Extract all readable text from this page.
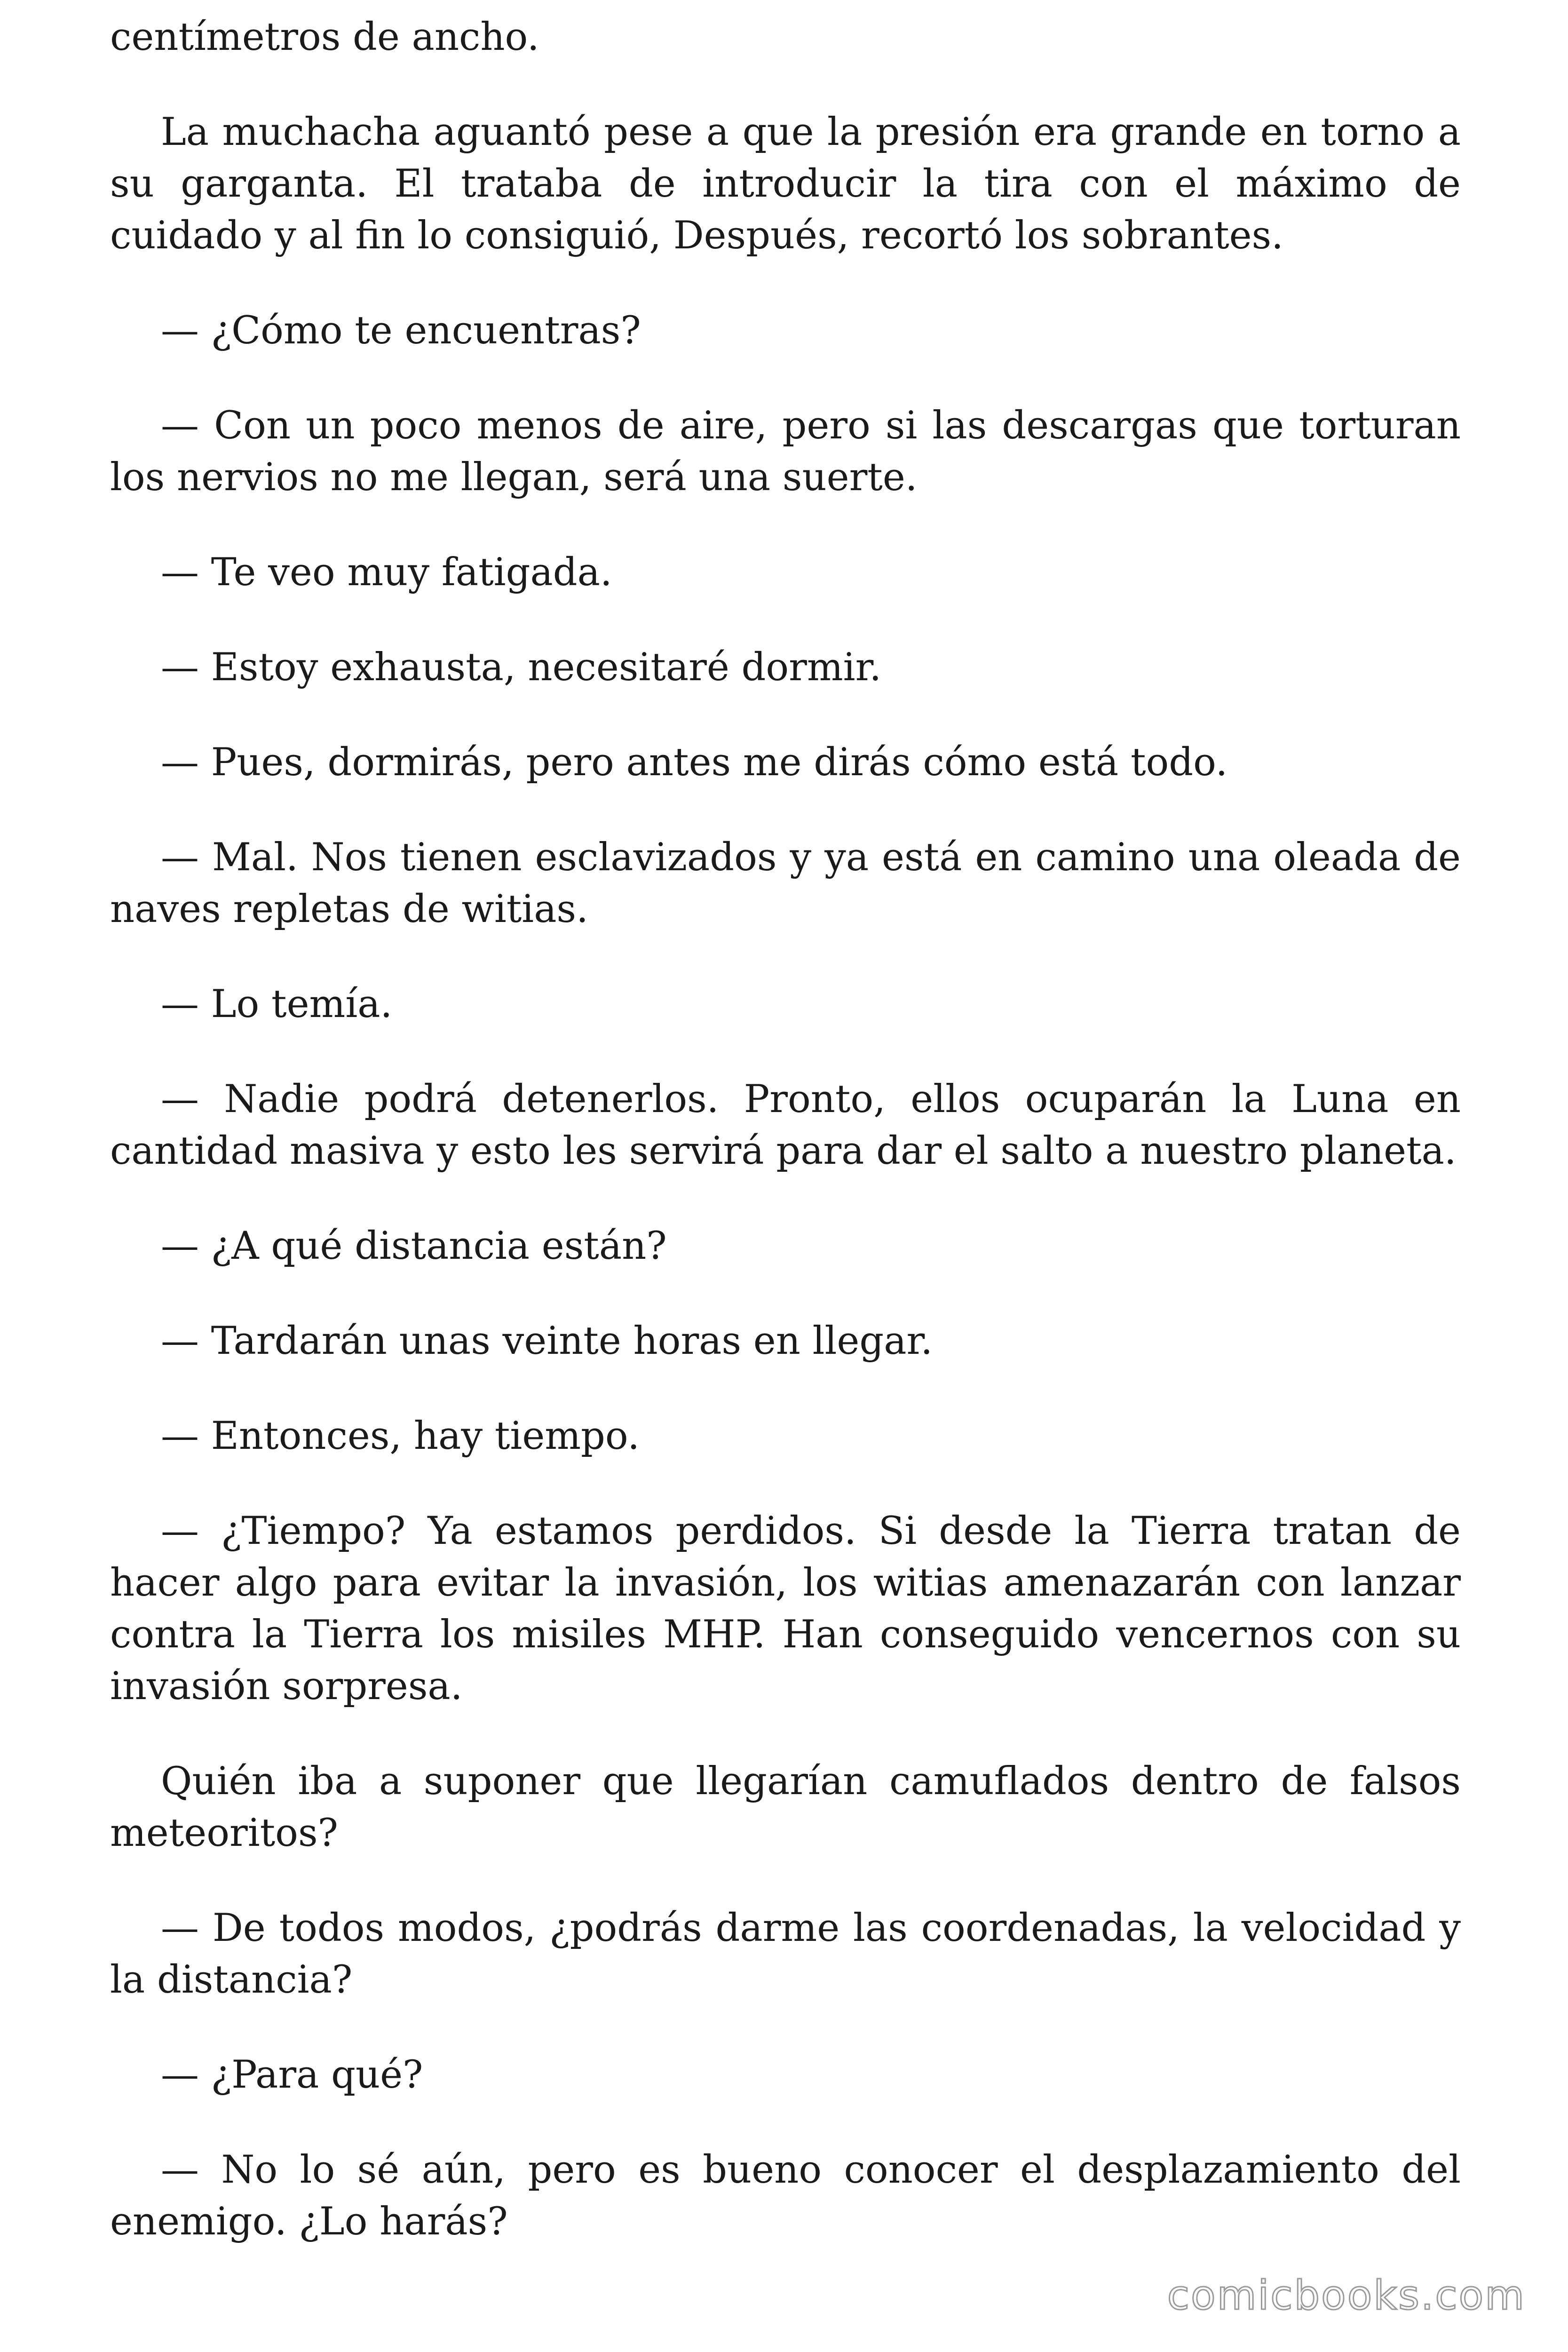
centímetros de ancho.

La muchacha aguantó pese a que la presión era grande en torno a su garganta. El trataba de introducir la tira con el máximo de cuidado y al fin lo consiguió, Después, recortó los sobrantes.

— ¿Cómo te encuentras?

— Con un poco menos de aire, pero si las descargas que torturan los nervios no me llegan, será una suerte.

— Te veo muy fatigada.

— Estoy exhausta, necesitaré dormir.

— Pues, dormirás, pero antes me dirás cómo está todo.

— Mal. Nos tienen esclavizados y ya está en camino una oleada de naves repletas de witias.

— Lo temía.

— Nadie podrá detenerlos. Pronto, ellos ocuparán la Luna en cantidad masiva y esto les servirá para dar el salto a nuestro planeta.

— ¿A qué distancia están?

— Tardarán unas veinte horas en llegar.

— Entonces, hay tiempo.

— ¿Tiempo? Ya estamos perdidos. Si desde la Tierra tratan de hacer algo para evitar la invasión, los witias amenazarán con lanzar contra la Tierra los misiles MHP. Han conseguido vencernos con su invasión sorpresa.

Quién iba a suponer que llegarían camuflados dentro de falsos meteoritos?

— De todos modos, ¿podrás darme las coordenadas, la velocidad y la distancia?

— ¿Para qué?

— No lo sé aún, pero es bueno conocer el desplazamiento del enemigo. ¿Lo harás?

comicbooks.com
